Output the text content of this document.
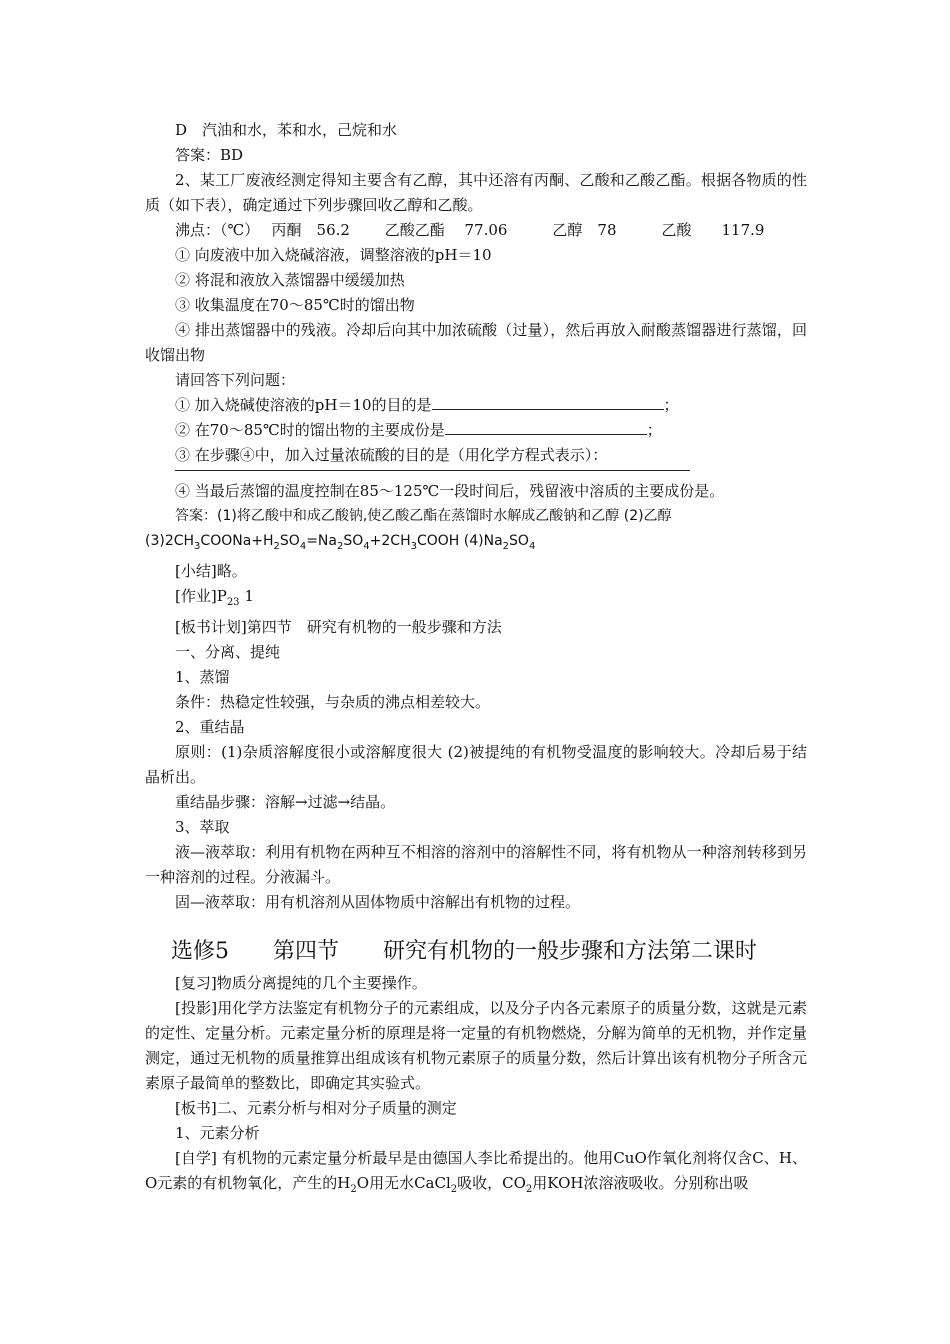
D　汽油和水，苯和水，己烷和水

答案：BD

2、某工厂废液经测定得知主要含有乙醇，其中还溶有丙酮、乙酸和乙酸乙酯。根据各物质的性质（如下表），确定通过下列步骤回收乙醇和乙酸。

沸点：（℃）　 丙酮　56.2　　 乙酸乙酯　 77.06　　　乙醇　78　　　乙酸　　117.9

① 向废液中加入烧碱溶液，调整溶液的pH＝10

② 将混和液放入蒸馏器中缓缓加热

③ 收集温度在70～85℃时的馏出物

④ 排出蒸馏器中的残液。冷却后向其中加浓硫酸（过量），然后再放入耐酸蒸馏器进行蒸馏，回收馏出物

请回答下列问题：

① 加入烧碱使溶液的pH＝10的目的是	；

② 在70～85℃时的馏出物的主要成份是	；

③ 在步骤④中，加入过量浓硫酸的目的是（用化学方程式表示）：

④ 当最后蒸馏的温度控制在85～125℃一段时间后，残留液中溶质的主要成份是。

答案：(1)将乙酸中和成乙酸钠,使乙酸乙酯在蒸馏时水解成乙酸钠和乙醇 (2)乙醇

$(3)2CH_3COONa+H_2SO_4=Na_2SO_4+2CH_3COOH$ $(4)Na_2SO_4$

[小结]略。

[作业]$P_{23}$ 1

[板书计划]第四节　研究有机物的一般步骤和方法

一、分离、提纯

1、蒸馏

条件：热稳定性较强，与杂质的沸点相差较大。

2、重结晶

原则：(1)杂质溶解度很小或溶解度很大 (2)被提纯的有机物受温度的影响较大。冷却后易于结晶析出。

重结晶步骤：溶解→过滤→结晶。

3、萃取

液—液萃取：利用有机物在两种互不相溶的溶剂中的溶解性不同，将有机物从一种溶剂转移到另一种溶剂的过程。分液漏斗。

固—液萃取：用有机溶剂从固体物质中溶解出有机物的过程。

选修5　　第四节　　研究有机物的一般步骤和方法第二课时

[复习]物质分离提纯的几个主要操作。

[投影]用化学方法鉴定有机物分子的元素组成，以及分子内各元素原子的质量分数，这就是元素的定性、定量分析。元素定量分析的原理是将一定量的有机物燃烧，分解为简单的无机物，并作定量测定，通过无机物的质量推算出组成该有机物元素原子的质量分数，然后计算出该有机物分子所含元素原子最简单的整数比，即确定其实验式。

[板书]二、元素分析与相对分子质量的测定

1、元素分析

[自学] 有机物的元素定量分析最早是由德国人李比希提出的。他用CuO作氧化剂将仅含C、H、O元素的有机物氧化，产生的$H_2O$用无水CaCl$_2$吸收，$CO_2$用KOH浓溶液吸收。分别称出吸
